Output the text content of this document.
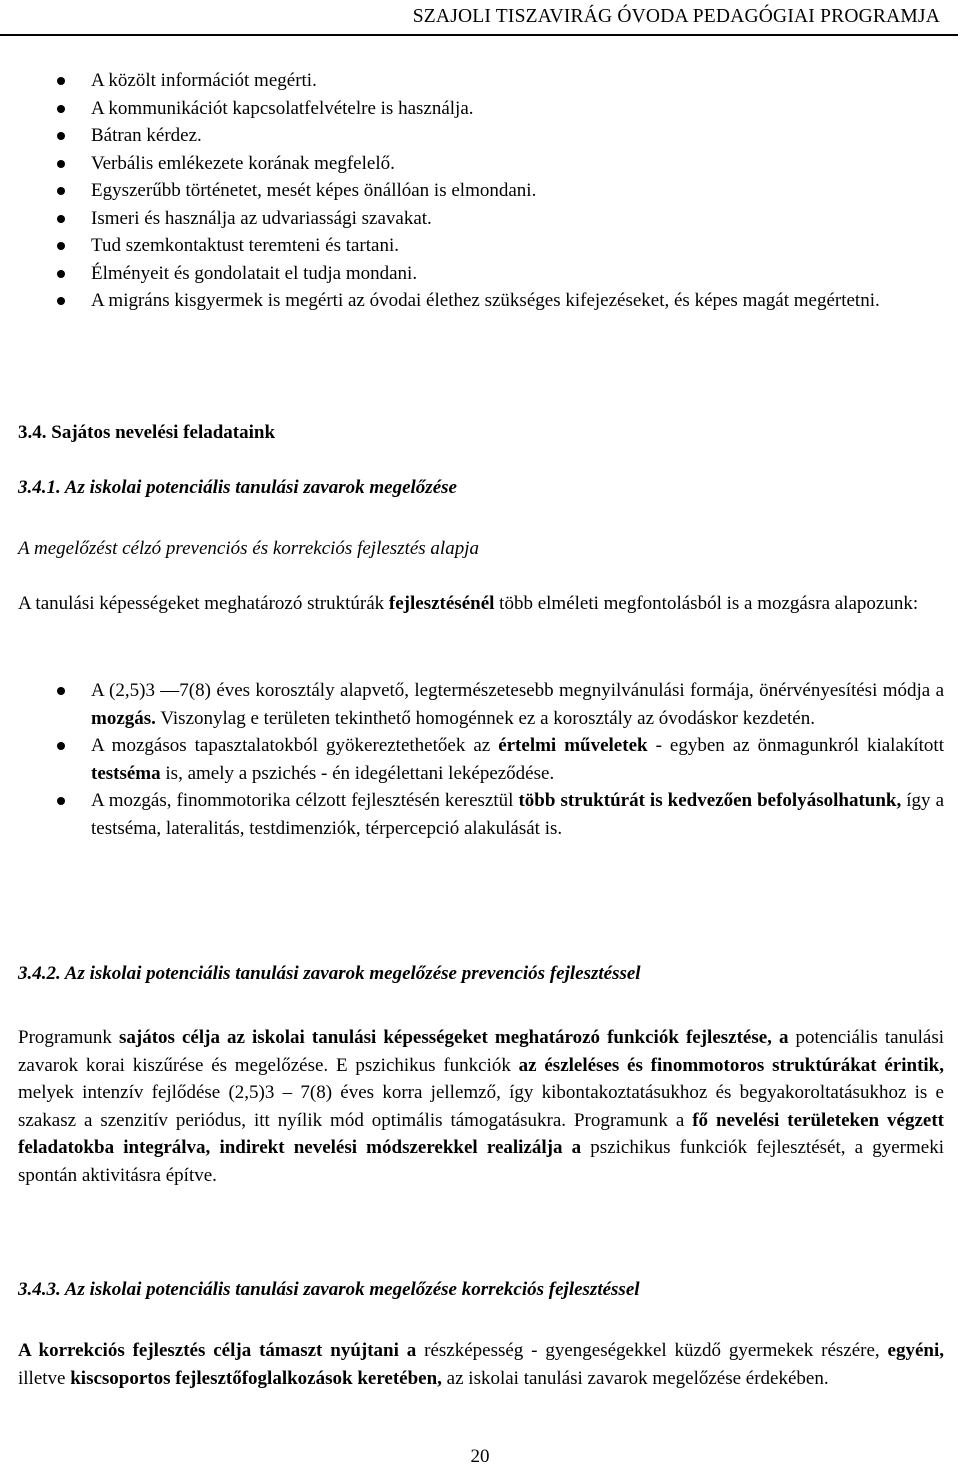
SZAJOLI TISZAVIRÁG ÓVODA PEDAGÓGIAI PROGRAMJA
A közölt információt megérti.
A kommunikációt kapcsolatfelvételre is használja.
Bátran kérdez.
Verbális emlékezete korának megfelelő.
Egyszerűbb történetet, mesét képes önállóan is elmondani.
Ismeri és használja az udvariassági szavakat.
Tud szemkontaktust teremteni és tartani.
Élményeit és gondolatait el tudja mondani.
A migráns kisgyermek is megérti az óvodai élethez szükséges kifejezéseket, és képes magát megértetni.
3.4. Sajátos nevelési feladataink
3.4.1. Az iskolai potenciális tanulási zavarok megelőzése
A megelőzést célzó prevenciós és korrekciós fejlesztés alapja

A tanulási képességeket meghatározó struktúrák fejlesztésénél több elméleti megfontolásból is a mozgásra alapozunk:

A (2,5)3 —7(8) éves korosztály alapvető, legtermészetesebb megnyilvánulási formája, önérvényesítési módja a mozgás. Viszonylag e területen tekinthető homogénnek ez a korosztály az óvodáskor kezdetén.
A mozgásos tapasztalatokból gyökereztethetőek az értelmi műveletek - egyben az önmagunkról kialakított testséma is, amely a pszichés - én idegélettani leképeződése.
A mozgás, finommotorika célzott fejlesztésén keresztül több struktúrát is kedvezően befolyásolhatunk, így a testséma, lateralitás, testdimenziók, térpercepció alakulását is.
3.4.2. Az iskolai potenciális tanulási zavarok megelőzése prevenciós fejlesztéssel

Programunk sajátos célja az iskolai tanulási képességeket meghatározó funkciók fejlesztése, a potenciális tanulási zavarok korai kiszűrése és megelőzése. E pszichikus funkciók az észleléses és finommotoros struktúrákat érintik, melyek intenzív fejlődése (2,5)3 – 7(8) éves korra jellemző, így kibontakoztatásukhoz és begyakoroltatásukhoz is e szakasz a szenzitív periódus, itt nyílik mód optimális támogatásukra. Programunk a fő nevelési területeken végzett feladatokba integrálva, indirekt nevelési módszerekkel realizálja a pszichikus funkciók fejlesztését, a gyermeki spontán aktivitásra építve.

3.4.3. Az iskolai potenciális tanulási zavarok megelőzése korrekciós fejlesztéssel

A korrekciós fejlesztés célja támaszt nyújtani a részképesség - gyengeségekkel küzdő gyermekek részére, egyéni, illetve kiscsoportos fejlesztőfoglalkozások keretében, az iskolai tanulási zavarok megelőzése érdekében.

20
